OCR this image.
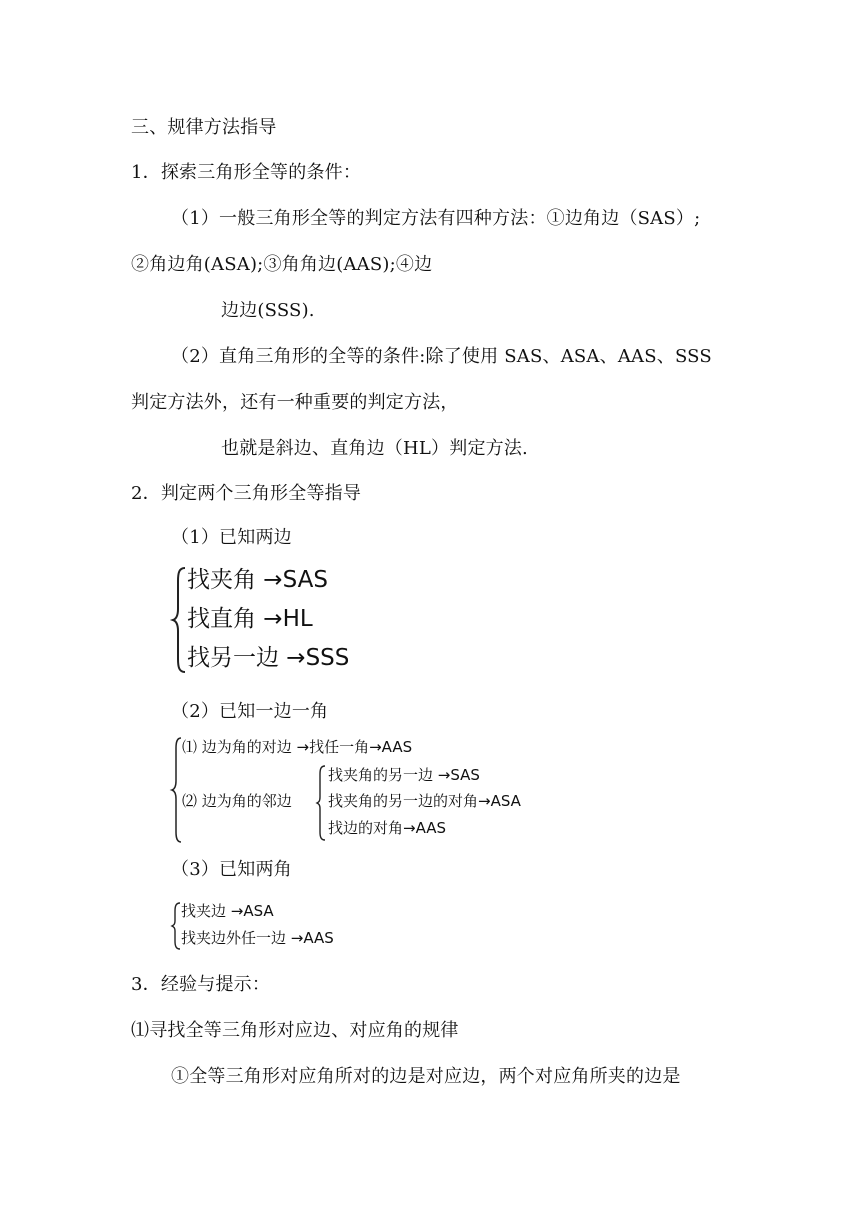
三、规律方法指导
1．探索三角形全等的条件：
（1）一般三角形全等的判定方法有四种方法：①边角边（SAS）;
②角边角(ASA);③角角边(AAS);④边
边边(SSS).
（2）直角三角形的全等的条件:除了使用 SAS、ASA、AAS、SSS
判定方法外，还有一种重要的判定方法，
也就是斜边、直角边（HL）判定方法.
2．判定两个三角形全等指导
（1）已知两边
找夹角 →SAS
找直角 →HL
找另一边 →SSS
（2）已知一边一角
⑴ 边为角的对边 →找任一角→AAS
⑵ 边为角的邻边
找夹角的另一边 →SAS
找夹角的另一边的对角→ASA
找边的对角→AAS
（3）已知两角
找夹边 →ASA
找夹边外任一边 →AAS
3．经验与提示：
⑴寻找全等三角形对应边、对应角的规律
①全等三角形对应角所对的边是对应边，两个对应角所夹的边是
